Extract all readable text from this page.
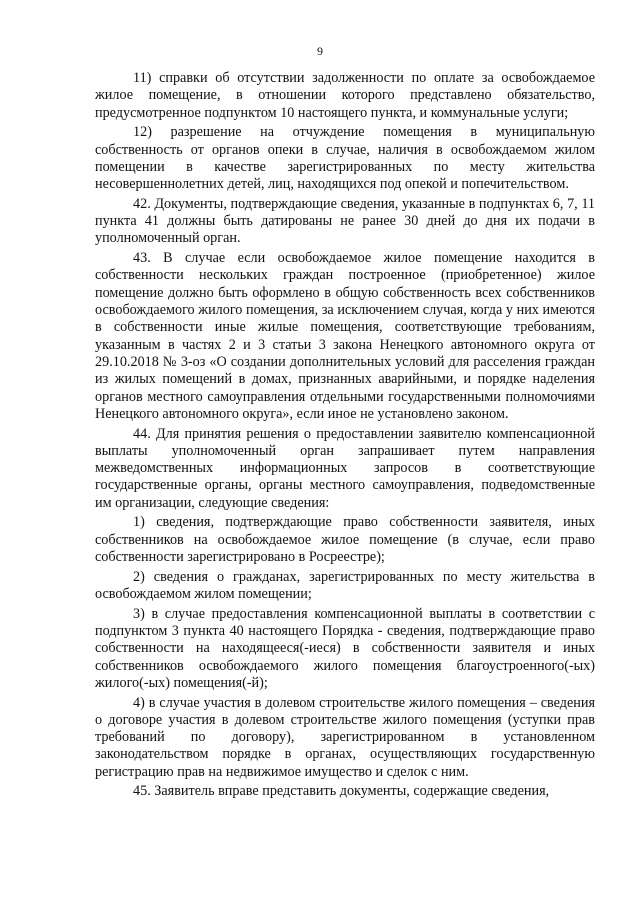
9

11) справки об отсутствии задолженности по оплате за освобождаемое жилое помещение, в отношении которого представлено обязательство, предусмотренное подпунктом 10 настоящего пункта, и коммунальные услуги;

12) разрешение на отчуждение помещения в муниципальную собственность от органов опеки в случае, наличия в освобождаемом жилом помещении в качестве зарегистрированных по месту жительства несовершеннолетних детей, лиц, находящихся под опекой и попечительством.

42. Документы, подтверждающие сведения, указанные в подпунктах 6, 7, 11 пункта 41 должны быть датированы не ранее 30 дней до дня их подачи в уполномоченный орган.

43. В случае если освобождаемое жилое помещение находится в собственности нескольких граждан построенное (приобретенное) жилое помещение должно быть оформлено в общую собственность всех собственников освобождаемого жилого помещения, за исключением случая, когда у них имеются в собственности иные жилые помещения, соответствующие требованиям, указанным в частях 2 и 3 статьи 3 закона Ненецкого автономного округа от 29.10.2018 № 3-оз «О создании дополнительных условий для расселения граждан из жилых помещений в домах, признанных аварийными, и порядке наделения органов местного самоуправления отдельными государственными полномочиями Ненецкого автономного округа», если иное не установлено законом.

44. Для принятия решения о предоставлении заявителю компенсационной выплаты уполномоченный орган запрашивает путем направления межведомственных информационных запросов в соответствующие государственные органы, органы местного самоуправления, подведомственные им организации, следующие сведения:

1) сведения, подтверждающие право собственности заявителя, иных собственников на освобождаемое жилое помещение (в случае, если право собственности зарегистрировано в Росреестре);

2) сведения о гражданах, зарегистрированных по месту жительства в освобождаемом жилом помещении;

3) в случае предоставления компенсационной выплаты в соответствии с подпунктом 3 пункта 40 настоящего Порядка - сведения, подтверждающие право собственности на находящееся(-иеся) в собственности заявителя и иных собственников освобождаемого жилого помещения благоустроенного(-ых) жилого(-ых) помещения(-й);

4) в случае участия в долевом строительстве жилого помещения – сведения о договоре участия в долевом строительстве жилого помещения (уступки прав требований по договору), зарегистрированном в установленном законодательством порядке в органах, осуществляющих государственную регистрацию прав на недвижимое имущество и сделок с ним.

45. Заявитель вправе представить документы, содержащие сведения,
